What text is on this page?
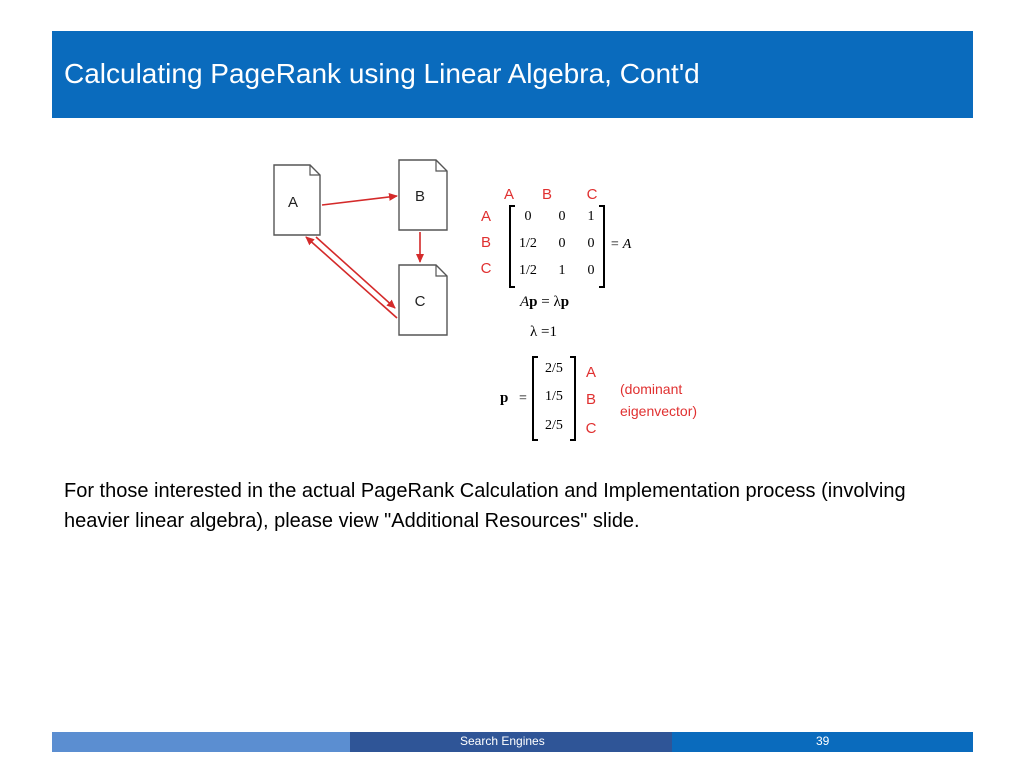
Calculating PageRank using Linear Algebra, Cont'd
A	B
C
A B C
A
B
C
0 0 1
1/2 0 0
1/2 1 0
= A
Ap = λp
λ =1
p =
2/5
1/5
2/5
A
B
C
(dominant
eigenvector)
For those interested in the actual PageRank Calculation and Implementation process (involving heavier linear algebra), please view "Additional Resources" slide.
Search Engines	39
